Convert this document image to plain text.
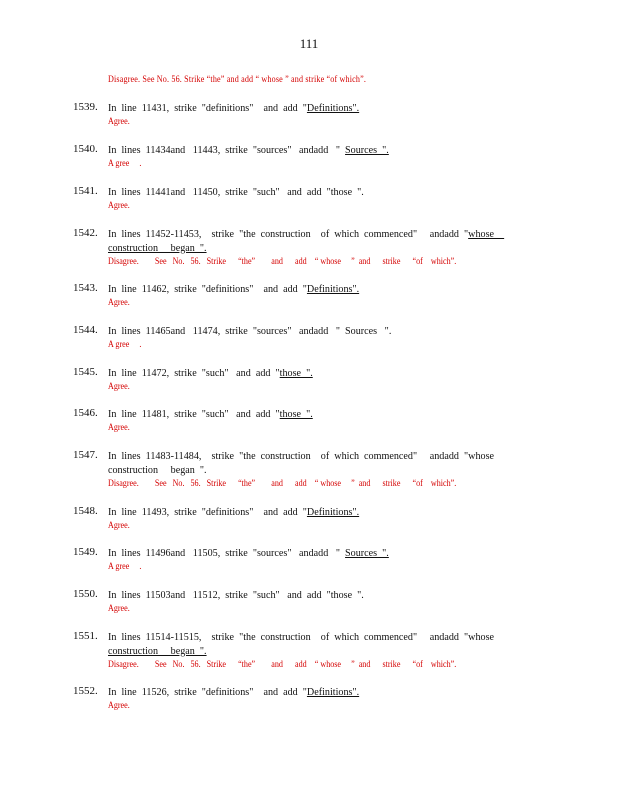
111
Disagree. See No. 56. Strike “the” and add “ whose ” and strike “of which”.
1539. In  line  11431,  strike  "definitions"    and  add  "Definitions".
Agree.
1540. In  lines  11434and   11443,  strike  "sources"   andadd   "  Sources  ".
A gree     .
1541. In  lines  11441and   11450,  strike  "such"   and  add  "those  ".
Agree.
1542. In  lines  11452-11453,    strike  "the  construction    of  which  commenced"     andadd  "whose
construction     began  ".
Disagree.        See   No.   56.   Strike      “the”        and      add    “ whose     ”  and      strike      “of    which”.
1543. In  line  11462,  strike  "definitions"    and  add  "Definitions".
Agree.
1544. In  lines  11465and   11474,  strike  "sources"   andadd   "  Sources   ".
A gree     .
1545. In  line  11472,  strike  "such"   and  add  "those  ".
Agree.
1546. In  line  11481,  strike  "such"   and  add  "those  ".
Agree.
1547. In  lines  11483-11484,    strike  "the  construction    of  which  commenced"     andadd  "whose
construction     began  ".
Disagree.        See   No.   56.   Strike      “the”        and      add    “ whose     ”  and      strike      “of    which”.
1548. In  line  11493,  strike  "definitions"    and  add  "Definitions".
Agree.
1549. In  lines  11496and   11505,  strike  "sources"   andadd   "  Sources  ".
A gree     .
1550. In  lines  11503and   11512,  strike  "such"   and  add  "those  ".
Agree.
1551. In  lines  11514-11515,    strike  "the  construction    of  which  commenced"     andadd  "whose
construction     began  ".
Disagree.        See   No.   56.   Strike      “the”        and      add    “ whose     ”  and      strike      “of    which”.
1552. In  line  11526,  strike  "definitions"    and  add  "Definitions".
Agree.
